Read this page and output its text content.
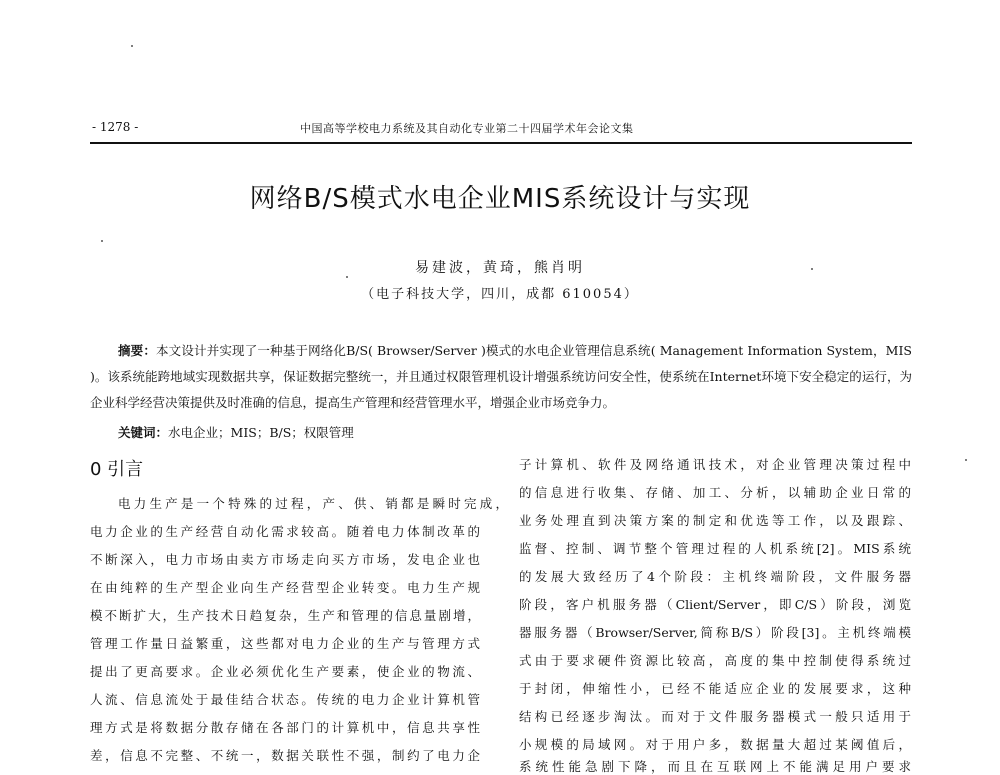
- 1278 -	中国高等学校电力系统及其自动化专业第二十四届学术年会论文集
网络B/S模式水电企业MIS系统设计与实现
易建波，黄琦，熊肖明
（电子科技大学，四川，成都 610054）
摘要：本文设计并实现了一种基于网络化B/S( Browser/Server )模式的水电企业管理信息系统( Management Information System，MIS )。该系统能跨地域实现数据共享，保证数据完整统一，并且通过权限管理机设计增强系统访问安全性，使系统在Internet环境下安全稳定的运行，为企业科学经营决策提供及时准确的信息，提高生产管理和经营管理水平，增强企业市场竞争力。
关键词：水电企业；MIS；B/S；权限管理
0 引言
电力生产是一个特殊的过程，产、供、销都是瞬时完成，
电力企业的生产经营自动化需求较高。随着电力体制改革的
不断深入，电力市场由卖方市场走向买方市场，发电企业也
在由纯粹的生产型企业向生产经营型企业转变。电力生产规
模不断扩大，生产技术日趋复杂，生产和管理的信息量剧增，
管理工作量日益繁重，这些都对电力企业的生产与管理方式
提出了更高要求。企业必须优化生产要素，使企业的物流、
人流、信息流处于最佳结合状态。传统的电力企业计算机管
理方式是将数据分散存储在各部门的计算机中，信息共享性
差，信息不完整、不统一，数据关联性不强，制约了电力企
子计算机、软件及网络通讯技术，对企业管理决策过程中
的信息进行收集、存储、加工、分析，以辅助企业日常的
业务处理直到决策方案的制定和优选等工作，以及跟踪、
监督、控制、调节整个管理过程的人机系统[2]。MIS系统
的发展大致经历了4个阶段：主机终端阶段，文件服务器
阶段，客户机服务器（Client/Server，即C/S）阶段，浏览
器服务器（Browser/Server,简称B/S）阶段[3]。主机终端模
式由于要求硬件资源比较高，高度的集中控制使得系统过
于封闭，伸缩性小，已经不能适应企业的发展要求，这种
结构已经逐步淘汰。而对于文件服务器模式一般只适用于
小规模的局域网。对于用户多，数据量大超过某阈值后，
系统性能急剧下降，而且在互联网上不能满足用户要求
